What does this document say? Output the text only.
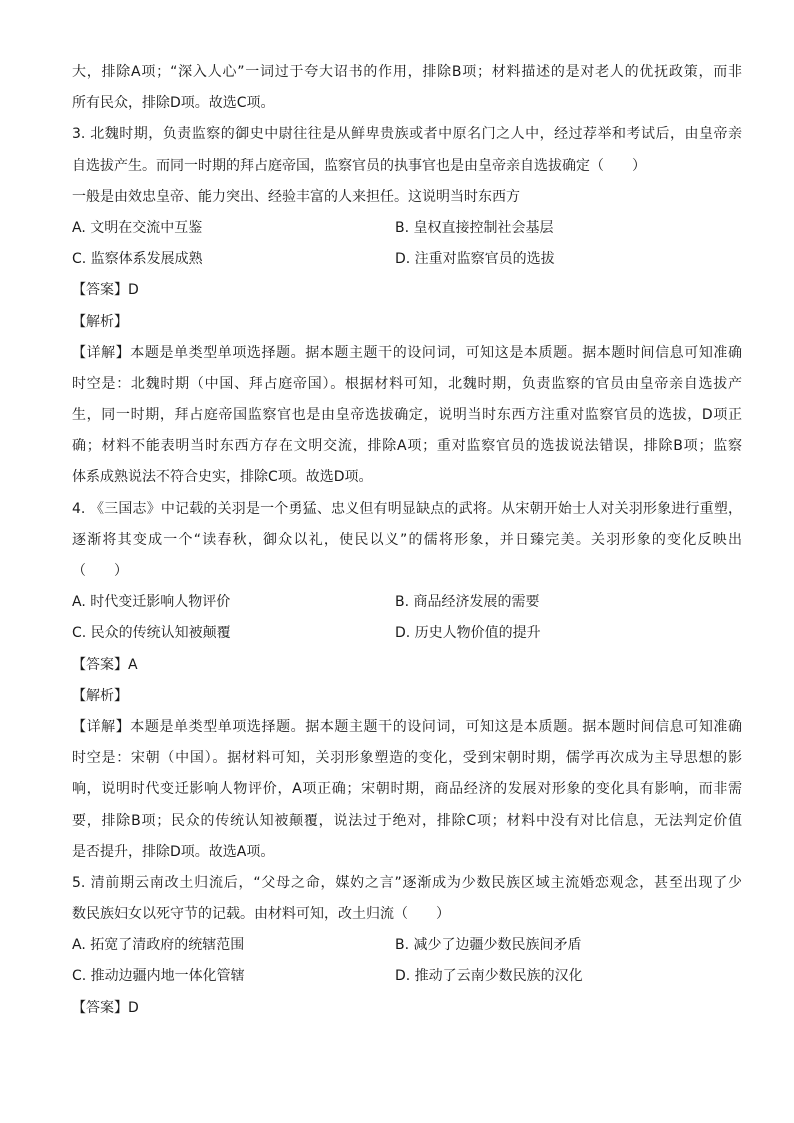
大，排除A项；“深入人心”一词过于夸大诏书的作用，排除B项；材料描述的是对老人的优抚政策，而非
所有民众，排除D项。故选C项。
3. 北魏时期，负责监察的御史中尉往往是从鲜卑贵族或者中原名门之人中，经过荐举和考试后，由皇帝亲
自选拔产生。而同一时期的拜占庭帝国，监察官员的执事官也是由皇帝亲自选拔确定（　　）
一般是由效忠皇帝、能力突出、经验丰富的人来担任。这说明当时东西方
A. 文明在交流中互鉴	B. 皇权直接控制社会基层
C. 监察体系发展成熟	D. 注重对监察官员的选拔
【答案】D
【解析】
【详解】本题是单类型单项选择题。据本题主题干的设问词，可知这是本质题。据本题时间信息可知准确
时空是：北魏时期（中国、拜占庭帝国）。根据材料可知，北魏时期，负责监察的官员由皇帝亲自选拔产
生，同一时期，拜占庭帝国监察官也是由皇帝选拔确定，说明当时东西方注重对监察官员的选拔，D项正
确；材料不能表明当时东西方存在文明交流，排除A项；重对监察官员的选拔说法错误，排除B项；监察
体系成熟说法不符合史实，排除C项。故选D项。
4. 《三国志》中记载的关羽是一个勇猛、忠义但有明显缺点的武将。从宋朝开始士人对关羽形象进行重塑，
逐渐将其变成一个“读春秋，御众以礼，使民以义”的儒将形象，并日臻完美。关羽形象的变化反映出
（　　）
A. 时代变迁影响人物评价	B. 商品经济发展的需要
C. 民众的传统认知被颠覆	D. 历史人物价值的提升
【答案】A
【解析】
【详解】本题是单类型单项选择题。据本题主题干的设问词，可知这是本质题。据本题时间信息可知准确
时空是：宋朝（中国）。据材料可知，关羽形象塑造的变化，受到宋朝时期，儒学再次成为主导思想的影
响，说明时代变迁影响人物评价，A项正确；宋朝时期，商品经济的发展对形象的变化具有影响，而非需
要，排除B项；民众的传统认知被颠覆，说法过于绝对，排除C项；材料中没有对比信息，无法判定价值
是否提升，排除D项。故选A项。
5. 清前期云南改土归流后，“父母之命，媒妁之言”逐渐成为少数民族区域主流婚恋观念，甚至出现了少
数民族妇女以死守节的记载。由材料可知，改土归流（　　）
A. 拓宽了清政府的统辖范围	B. 减少了边疆少数民族间矛盾
C. 推动边疆内地一体化管辖	D. 推动了云南少数民族的汉化
【答案】D
